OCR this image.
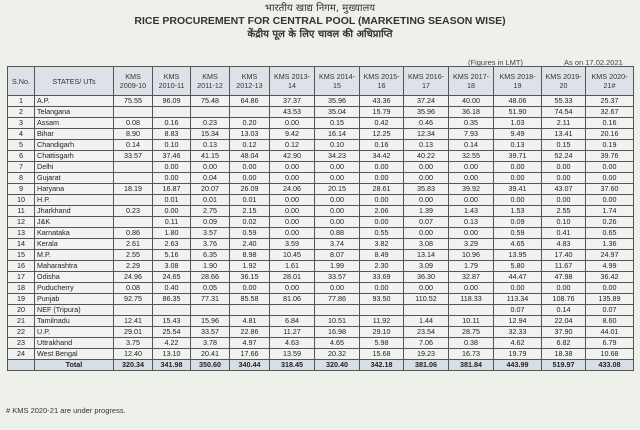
भारतीय खाद्य निगम, मुख्यालय
RICE PROCUREMENT FOR CENTRAL POOL (MARKETING SEASON WISE)
केंद्रीय पूल के लिए चावल की अधिप्राप्ति
(Figures in LMT)	As on 17.02.2021
S.No.	STATES/ UTs	KMS 2009-10	KMS 2010-11	KMS 2011-12	KMS 2012-13	KMS 2013-14	KMS 2014-15	KMS 2015-16	KMS 2016-17	KMS 2017-18	KMS 2018-19	KMS 2019-20	KMS 2020-21#
1	A.P.	75.55	96.09	75.48	64.86	37.37	35.96	43.36	37.24	40.00	48.06	55.33	25.37
2	Telangana					43.53	35.04	15.79	35.96	36.18	51.90	74.54	32.67
3	Assam	0.08	0.16	0.23	0.20	0.00	0.15	0.42	0.46	0.35	1.03	2.11	0.16
4	Bihar	8.90	8.83	15.34	13.03	9.42	16.14	12.25	12.34	7.93	9.49	13.41	20.16
5	Chandigarh	0.14	0.10	0.13	0.12	0.12	0.10	0.16	0.13	0.14	0.13	0.15	0.19
6	Chattisgarh	33.57	37.46	41.15	48.04	42.90	34.23	34.42	40.22	32.55	39.71	52.24	39.76
7	Delhi		0.00	0.00	0.00	0.00	0.00	0.00	0.00	0.00	0.00	0.00	0.00
8	Gujarat		0.00	0.04	0.00	0.00	0.00	0.00	0.00	0.00	0.00	0.00	0.00
9	Haryana	18.19	16.87	20.07	26.09	24.06	20.15	28.61	35.83	39.92	39.41	43.07	37.60
10	H.P.		0.01	0.01	0.01	0.00	0.00	0.00	0.00	0.00	0.00	0.00	0.00
11	Jharkhand	0.23	0.00	2.75	2.15	0.00	0.00	2.06	1.39	1.43	1.53	2.55	1.74
12	J&K		0.11	0.09	0.02	0.00	0.00	0.00	0.07	0.13	0.09	0.10	0.26
13	Karnataka	0.86	1.80	3.57	0.59	0.00	0.88	0.55	0.00	0.00	0.59	0.41	0.65
14	Kerala	2.61	2.63	3.76	2.40	3.59	3.74	3.82	3.08	3.29	4.65	4.83	1.36
15	M.P.	2.55	5.16	6.35	8.98	10.45	8.07	8.49	13.14	10.96	13.95	17.40	24.97
16	Maharashtra	2.29	3.08	1.90	1.92	1.61	1.99	2.30	3.09	1.79	5.80	11.67	4.99
17	Odisha	24.96	24.65	28.66	36.15	28.01	33.57	33.69	36.30	32.87	44.47	47.98	36.42
18	Puducherry	0.08	0.40	0.05	0.00	0.00	0.00	0.00	0.00	0.00	0.00	0.00	0.00
19	Punjab	92.75	86.35	77.31	85.58	81.06	77.86	93.50	110.52	118.33	113.34	108.76	135.89
20	NEF (Tripura)										0.07	0.14	0.07
21	Tamilnadu	12.41	15.43	15.96	4.81	6.84	10.51	11.92	1.44	10.11	12.94	22.04	8.60
22	U.P.	29.01	25.54	33.57	22.86	11.27	16.98	29.10	23.54	28.75	32.33	37.90	44.01
23	Uttrakhand	3.75	4.22	3.78	4.97	4.63	4.65	5.98	7.06	0.38	4.62	6.82	6.79
24	West Bengal	12.40	13.10	20.41	17.66	13.59	20.32	15.68	19.23	16.73	19.79	18.38	10.68
	Total	320.34	341.98	350.60	340.44	318.45	320.40	342.18	381.06	381.84	443.99	519.97	433.08
# KMS 2020-21 are under progress.
